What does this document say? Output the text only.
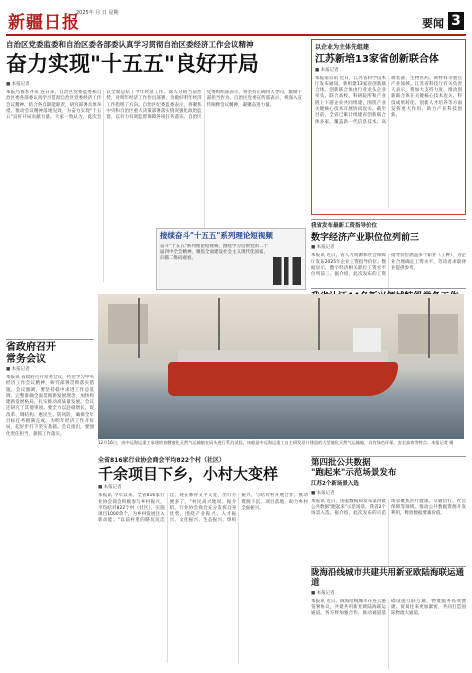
新疆日报
2025年 月 日 星期
要闻 3
自治区党委监委和自治区委各部委认真学习贯彻自治区委经济工作会议精神
奋力实现"十五五"良好开局
■ 本报记者
本报乌鲁木齐讯 连日来，自治区党委监委和自治区委各部委认真学习贯彻自治区党委经济工作会议精神，结合各自职能职责，研究部署具体举措，推动会议精神落地见效，为奋力实现"十五五"良好开局贡献力量。大家一致认为，此次会议全面总结了今年经济工作，深入分析当前形势，对明年经济工作作出部署，为做好明年经济工作指明了方向。自治区纪委监委表示，将聚焦中央和自治区重大决策部署落实情况强化政治监督，以有力有效监督保障各项任务落实。自治区党委组织部表示，将坚持正确用人导向，激励干部担当作为。自治区党委宣传部表示，将深入宣传阐释会议精神，凝聚奋进力量。
以企业为主体先组建
江苏新培13家省创新联合体
■ 本报记者
本报南京讯 近日，江苏省科学技术厅发布通知，新组建13家省创新联合体。创新联合体由行业龙头企业牵头，联合高校、科研院所和产业链上下游企业共同组建，围绕产业关键核心技术开展协同攻关。截至目前，全省已累计组建省创新联合体多家，覆盖新一代信息技术、高端装备、生物医药、新材料等重点产业领域。江苏省科技厅有关负责人表示，将加大支持力度，推动创新联合体在关键核心技术攻关、科技成果转化、创新人才培养等方面发挥更大作用，助力产业科技创新。
接续奋斗"十五五"系列理论短视频
奋斗"十五五"系列理论短视频，围绕学习贯彻党的二十届四中全会精神，聚焦全面建设社会主义现代化国家，扫描二维码观看。
我省发布最新工资指导价位
数字经济产业职位位列前三
■ 本报记者
本报讯 近日，省人力资源和社会保障厅发布2025年企业工资指导价位。数据显示，数字经济相关职位工资水平位列前三。据介绍，此次发布的工资指导价位涵盖多个职业（工种），为企业合理确定工资水平、劳动者求职择业提供参考。
省政府召开
常务会议
■ 本报记者
本报讯 省政府召开常务会议，传达学习中央经济工作会议精神，研究部署贯彻落实措施。会议强调，要坚持稳中求进工作总基调，完整准确全面贯彻新发展理念，加快构建新发展格局，扎实推动高质量发展。会议还研究了其他事项。要全力以赴稳增长、促改革、调结构、惠民生、防风险，确保全年目标任务圆满完成，为明年经济工作开好局、起好步打下坚实基础。会议指出，要强化责任担当，狠抓工作落实。
12月16日，由中远海运重工承建的首艘液化天然气运输船在码头进行系泊试验。该船是中远海运重工自主研发设计建造的大型液化天然气运输船，具有绿色环保、安全高效等特点。本报记者 摄
全省816家行业协会商会平均822个村（社区）
千余项目下乡，小村大变样
■ 本报记者
本报讯 今年以来，全省816家行业协会商会积极参与乡村振兴，平均结对822个村（社区），实施项目1000余个，为乡村发展注入新动能。"以前村里的路坑坑洼洼，现在修得又平又宽，出行方便多了。"村民高兴地说。据介绍，行业协会商会充分发挥自身优势，围绕产业振兴、人才振兴、文化振兴、生态振兴、组织振兴，与结对村开展合作，推动资源下沉、项目落地，助力乡村全面振兴。
第四批公共数据
"跑起来"示范场景发布
江苏2个新场景入选
■ 本报记者
本报讯 近日，国家数据局发布第四批公共数据"跑起来"示范场景，我省2个场景入选。据介绍，此次发布的示范场景聚焦医疗健康、交通出行、社会保障等领域，推动公共数据资源开发利用，释放数据要素价值。
陇海沿线城市共建共用新亚欧陆海联运通道
■ 本报记者
本报讯 近日，陇海沿线城市在连云港签署协议，共建共用新亚欧陆海联运通道。各方将加强合作，推动通道基础设施互联互通、物流服务高效便捷、贸易往来更加紧密，共同打造国际物流大通道。
